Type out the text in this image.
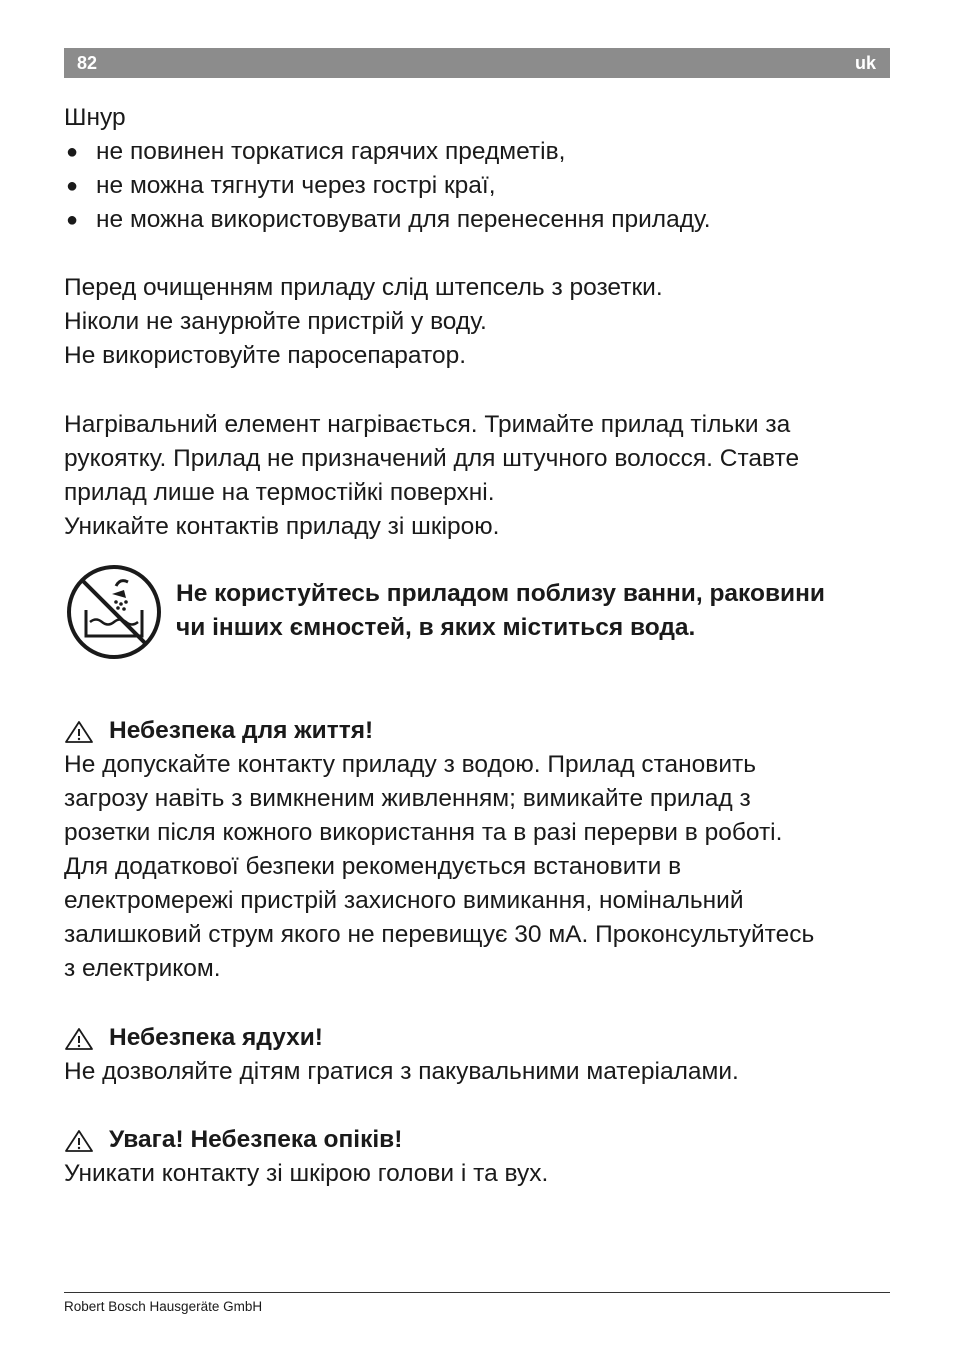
82	uk
Шнур
● не повинен торкатися гарячих предметів,
● не можна тягнути через гострі краї,
● не можна використовувати для перенесення приладу.
Перед очищенням приладу слід штепсель з розетки.
Ніколи не занурюйте пристрій у воду.
Не використовуйте паросепаратор.
Нагрівальний елемент нагрівається. Тримайте прилад тільки за
рукоятку. Прилад не призначений для штучного волосся. Ставте
прилад лише на термостійкі поверхні.
Уникайте контактів приладу зі шкірою.
Не користуйтесь приладом поблизу ванни, раковини
чи інших ємностей, в яких міститься вода.
Небезпека для життя!
Не допускайте контакту приладу з водою. Прилад становить
загрозу навіть з вимкненим живленням; вимикайте прилад з
розетки після кожного використання та в разі перерви в роботі.
Для додаткової безпеки рекомендується встановити в
електромережі пристрій захисного вимикання, номінальний
залишковий струм якого не перевищує 30 мА. Проконсультуйтесь
з електриком.
Небезпека ядухи!
Не дозволяйте дітям гратися з пакувальними матеріалами.
Увага! Небезпека опіків!
Уникати контакту зі шкірою голови і та вух.
Robert Bosch Hausgeräte GmbH
